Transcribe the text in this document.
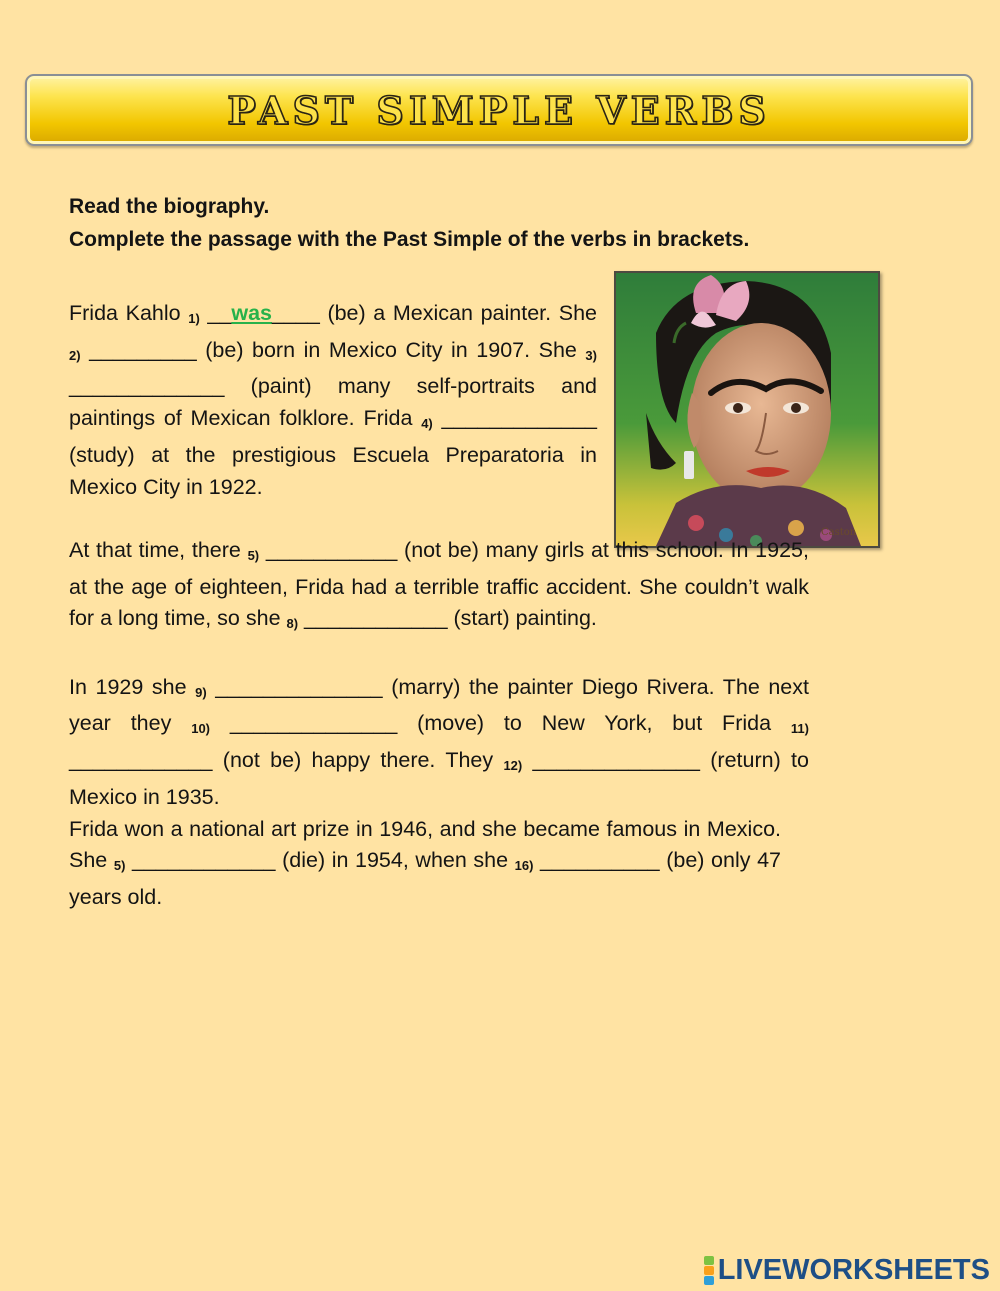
PAST SIMPLE VERBS
Read the biography.
Complete the passage with the Past Simple of the verbs in brackets.
Caston

Frida Kahlo 1) __was____ (be) a Mexican painter. She 2) _________ (be) born in Mexico City in 1907. She 3) _____________ (paint) many self-portraits and paintings of Mexican folklore. Frida 4) _____________ (study) at the prestigious Escuela Preparatoria in Mexico City in 1922.

At that time, there 5) ___________ (not be) many girls at this school. In 1925, at the age of eighteen, Frida had a terrible traffic accident. She couldn’t walk for a long time, so she 8) ____________ (start) painting.

In 1929 she 9) ______________ (marry) the painter Diego Rivera. The next year they 10) ______________ (move) to New York, but Frida 11) ____________ (not be) happy there. They 12) ______________ (return) to Mexico in 1935.

Frida won a national art prize in 1946, and she became famous in Mexico. She 5) ____________ (die) in 1954, when she 16) __________ (be) only 47 years old.

LIVEWORKSHEETS
